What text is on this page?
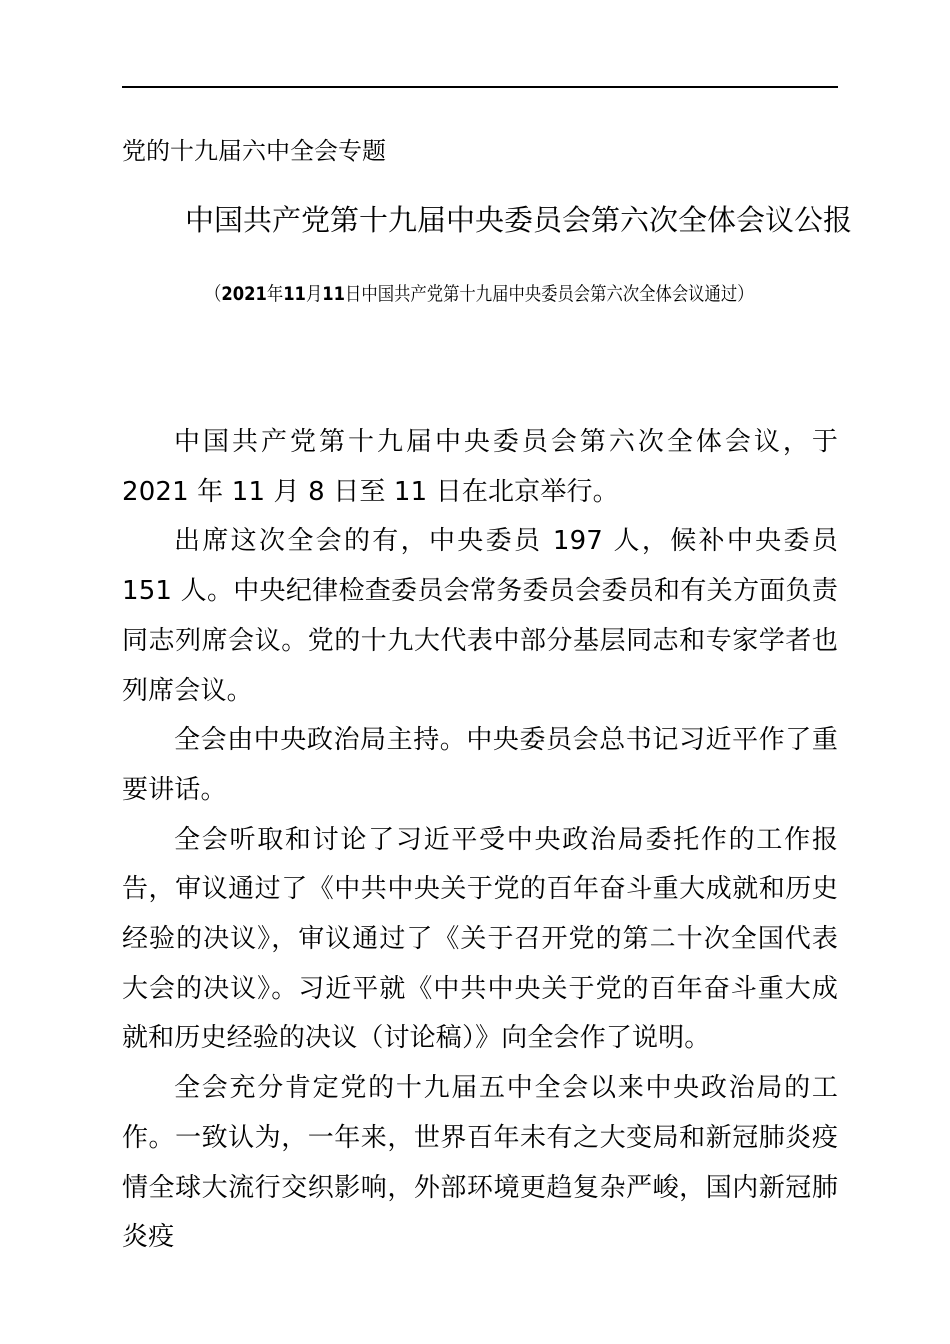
党的十九届六中全会专题
中国共产党第十九届中央委员会第六次全体会议公报
（2021年11月11日中国共产党第十九届中央委员会第六次全体会议通过）

中国共产党第十九届中央委员会第六次全体会议，于 2021 年 11 月 8 日至 11 日在北京举行。

出席这次全会的有，中央委员 197 人，候补中央委员 151 人。中央纪律检查委员会常务委员会委员和有关方面负责同志列席会议。党的十九大代表中部分基层同志和专家学者也列席会议。

全会由中央政治局主持。中央委员会总书记习近平作了重要讲话。

全会听取和讨论了习近平受中央政治局委托作的工作报告，审议通过了《中共中央关于党的百年奋斗重大成就和历史经验的决议》，审议通过了《关于召开党的第二十次全国代表大会的决议》。习近平就《中共中央关于党的百年奋斗重大成就和历史经验的决议（讨论稿）》向全会作了说明。

全会充分肯定党的十九届五中全会以来中央政治局的工作。一致认为，一年来，世界百年未有之大变局和新冠肺炎疫情全球大流行交织影响，外部环境更趋复杂严峻，国内新冠肺炎疫
